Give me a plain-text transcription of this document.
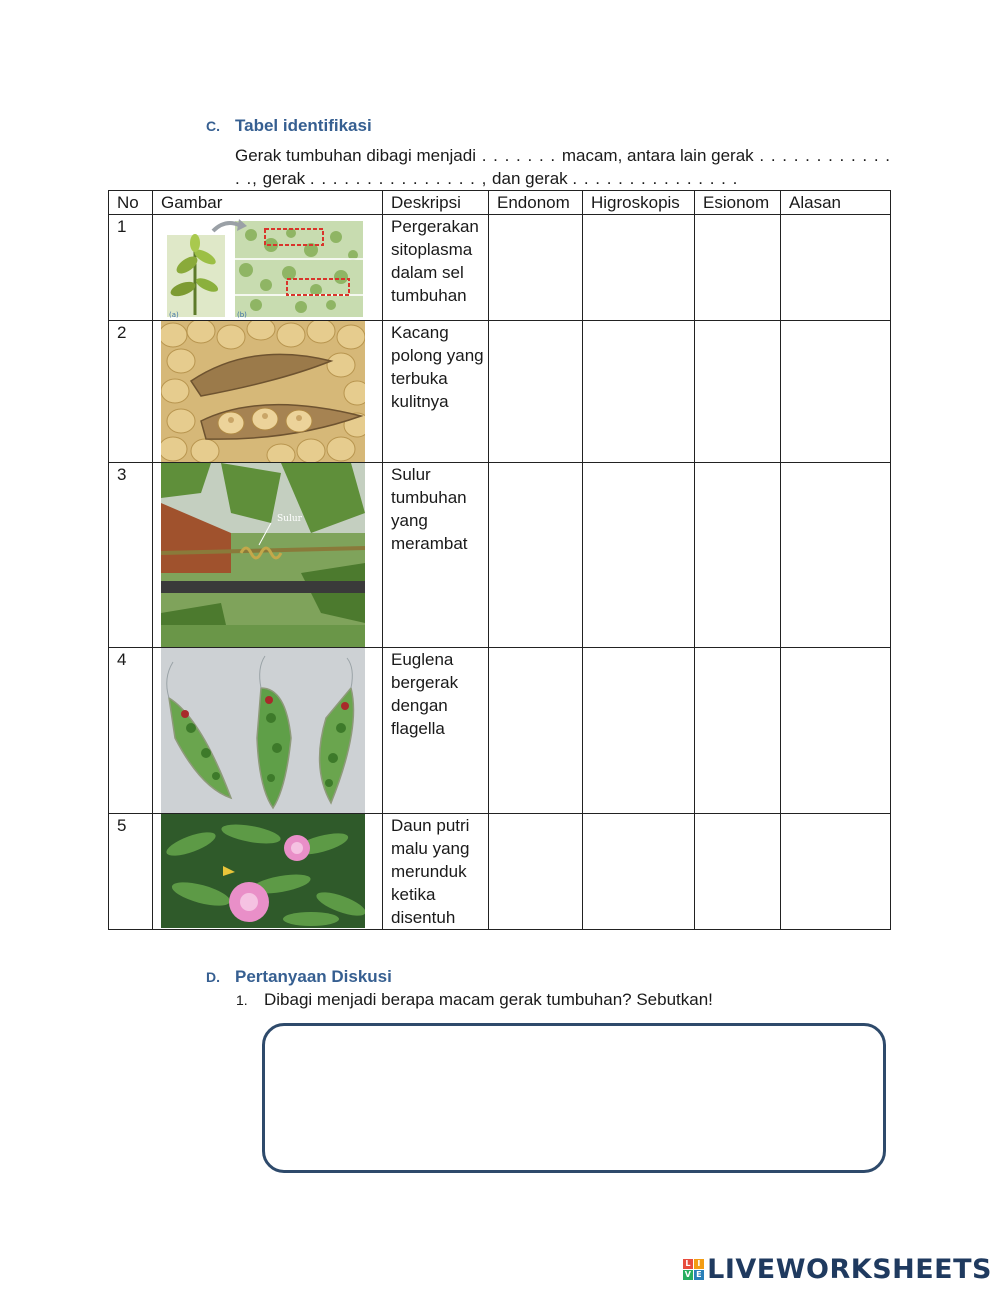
C. Tabel identifikasi
Gerak tumbuhan dibagi menjadi . . . . . . . macam, antara lain gerak . . . . . . . . . . . . . ., gerak . . . . . . . . . . . . . . . , dan gerak . . . . . . . . . . . . . . .
No	Gambar	Deskripsi	Endonom	Higroskopis	Esionom	Alasan
1	(a) (b)	Pergerakan sitoplasma dalam sel tumbuhan				
2		Kacang polong yang terbuka kulitnya				
3	Sulur	Sulur tumbuhan yang merambat				
4		Euglena bergerak dengan flagella				
5		Daun putri malu yang merunduk ketika disentuh				
D. Pertanyaan Diskusi
1. Dibagi menjadi berapa macam gerak tumbuhan? Sebutkan!
L I
V E LIVEWORKSHEETS
